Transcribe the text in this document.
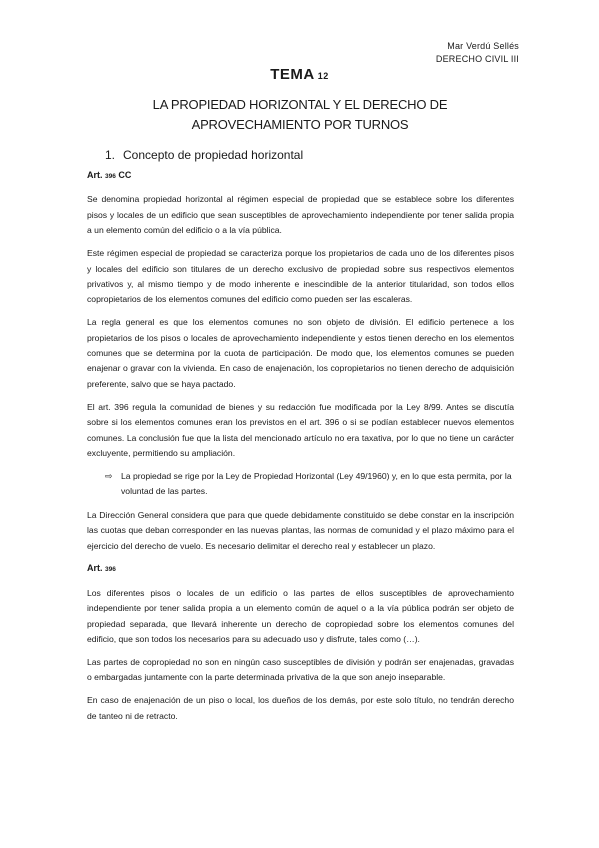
Mar Verdú Sellés
DERECHO CIVIL III
TEMA 12
LA PROPIEDAD HORIZONTAL Y EL DERECHO DE
APROVECHAMIENTO POR TURNOS
1. Concepto de propiedad horizontal
Art. 396 CC

Se denomina propiedad horizontal al régimen especial de propiedad que se establece sobre los diferentes pisos y locales de un edificio que sean susceptibles de aprovechamiento independiente por tener salida propia a un elemento común del edificio o a la vía pública.

Este régimen especial de propiedad se caracteriza porque los propietarios de cada uno de los diferentes pisos y locales del edificio son titulares de un derecho exclusivo de propiedad sobre sus respectivos elementos privativos y, al mismo tiempo y de modo inherente e inescindible de la anterior titularidad, son todos ellos copropietarios de los elementos comunes del edificio como pueden ser las escaleras.

La regla general es que los elementos comunes no son objeto de división. El edificio pertenece a los propietarios de los pisos o locales de aprovechamiento independiente y estos tienen derecho en los elementos comunes que se determina por la cuota de participación. De modo que, los elementos comunes se pueden enajenar o gravar con la vivienda. En caso de enajenación, los copropietarios no tienen derecho de adquisición preferente, salvo que se haya pactado.

El art. 396 regula la comunidad de bienes y su redacción fue modificada por la Ley 8/99. Antes se discutía sobre si los elementos comunes eran los previstos en el art. 396 o si se podían establecer nuevos elementos comunes. La conclusión fue que la lista del mencionado artículo no era taxativa, por lo que no tiene un carácter excluyente, permitiendo su ampliación.

⇨ La propiedad se rige por la Ley de Propiedad Horizontal (Ley 49/1960) y, en lo que esta permita, por la voluntad de las partes.

La Dirección General considera que para que quede debidamente constituido se debe constar en la inscripción las cuotas que deban corresponder en las nuevas plantas, las normas de comunidad y el plazo máximo para el ejercicio del derecho de vuelo. Es necesario delimitar el derecho real y establecer un plazo.

Art. 396

Los diferentes pisos o locales de un edificio o las partes de ellos susceptibles de aprovechamiento independiente por tener salida propia a un elemento común de aquel o a la vía pública podrán ser objeto de propiedad separada, que llevará inherente un derecho de copropiedad sobre los elementos comunes del edificio, que son todos los necesarios para su adecuado uso y disfrute, tales como (…).

Las partes de copropiedad no son en ningún caso susceptibles de división y podrán ser enajenadas, gravadas o embargadas juntamente con la parte determinada privativa de la que son anejo inseparable.

En caso de enajenación de un piso o local, los dueños de los demás, por este solo título, no tendrán derecho de tanteo ni de retracto.
